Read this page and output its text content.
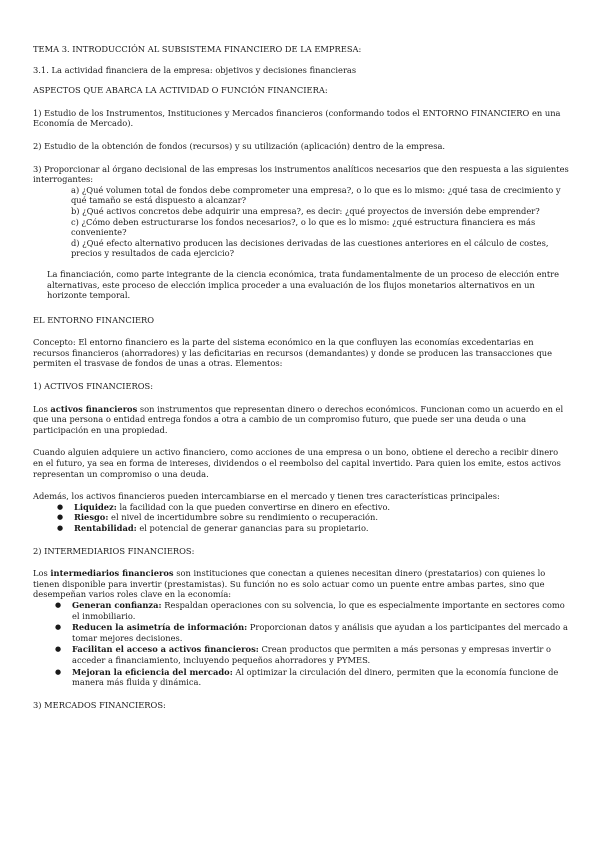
TEMA 3. INTRODUCCIÓN AL SUBSISTEMA FINANCIERO DE LA EMPRESA:

3.1. La actividad financiera de la empresa: objetivos y decisiones financieras

ASPECTOS QUE ABARCA LA ACTIVIDAD O FUNCIÓN FINANCIERA:

1) Estudio de los Instrumentos, Instituciones y Mercados financieros (conformando todos el ENTORNO FINANCIERO en una Economía de Mercado).

2) Estudio de la obtención de fondos (recursos) y su utilización (aplicación) dentro de la empresa.

3) Proporcionar al órgano decisional de las empresas los instrumentos analíticos necesarios que den respuesta a las siguientes interrogantes:

a) ¿Qué volumen total de fondos debe comprometer una empresa?, o lo que es lo mismo: ¿qué tasa de crecimiento y qué tamaño se está dispuesto a alcanzar?

b) ¿Qué activos concretos debe adquirir una empresa?, es decir: ¿qué proyectos de inversión debe emprender?

c) ¿Cómo deben estructurarse los fondos necesarios?, o lo que es lo mismo: ¿qué estructura financiera es más conveniente?

d) ¿Qué efecto alternativo producen las decisiones derivadas de las cuestiones anteriores en el cálculo de costes, precios y resultados de cada ejercicio?

La financiación, como parte integrante de la ciencia económica, trata fundamentalmente de un proceso de elección entre alternativas, este proceso de elección implica proceder a una evaluación de los flujos monetarios alternativos en un horizonte temporal.

EL ENTORNO FINANCIERO

Concepto: El entorno financiero es la parte del sistema económico en la que confluyen las economías excedentarias en recursos financieros (ahorradores) y las deficitarias en recursos (demandantes) y donde se producen las transacciones que permiten el trasvase de fondos de unas a otras. Elementos:

1) ACTIVOS FINANCIEROS:

Los activos financieros son instrumentos que representan dinero o derechos económicos. Funcionan como un acuerdo en el que una persona o entidad entrega fondos a otra a cambio de un compromiso futuro, que puede ser una deuda o una participación en una propiedad.

Cuando alguien adquiere un activo financiero, como acciones de una empresa o un bono, obtiene el derecho a recibir dinero en el futuro, ya sea en forma de intereses, dividendos o el reembolso del capital invertido. Para quien los emite, estos activos representan un compromiso o una deuda.

Además, los activos financieros pueden intercambiarse en el mercado y tienen tres características principales:

● Liquidez: la facilidad con la que pueden convertirse en dinero en efectivo.
● Riesgo: el nivel de incertidumbre sobre su rendimiento o recuperación.
● Rentabilidad: el potencial de generar ganancias para su propietario.

2) INTERMEDIARIOS FINANCIEROS:

Los intermediarios financieros son instituciones que conectan a quienes necesitan dinero (prestatarios) con quienes lo tienen disponible para invertir (prestamistas). Su función no es solo actuar como un puente entre ambas partes, sino que desempeñan varios roles clave en la economía:

● Generan confianza: Respaldan operaciones con su solvencia, lo que es especialmente importante en sectores como el inmobiliario.
● Reducen la asimetría de información: Proporcionan datos y análisis que ayudan a los participantes del mercado a tomar mejores decisiones.
● Facilitan el acceso a activos financieros: Crean productos que permiten a más personas y empresas invertir o acceder a financiamiento, incluyendo pequeños ahorradores y PYMES.
● Mejoran la eficiencia del mercado: Al optimizar la circulación del dinero, permiten que la economía funcione de manera más fluida y dinámica.

3) MERCADOS FINANCIEROS:
